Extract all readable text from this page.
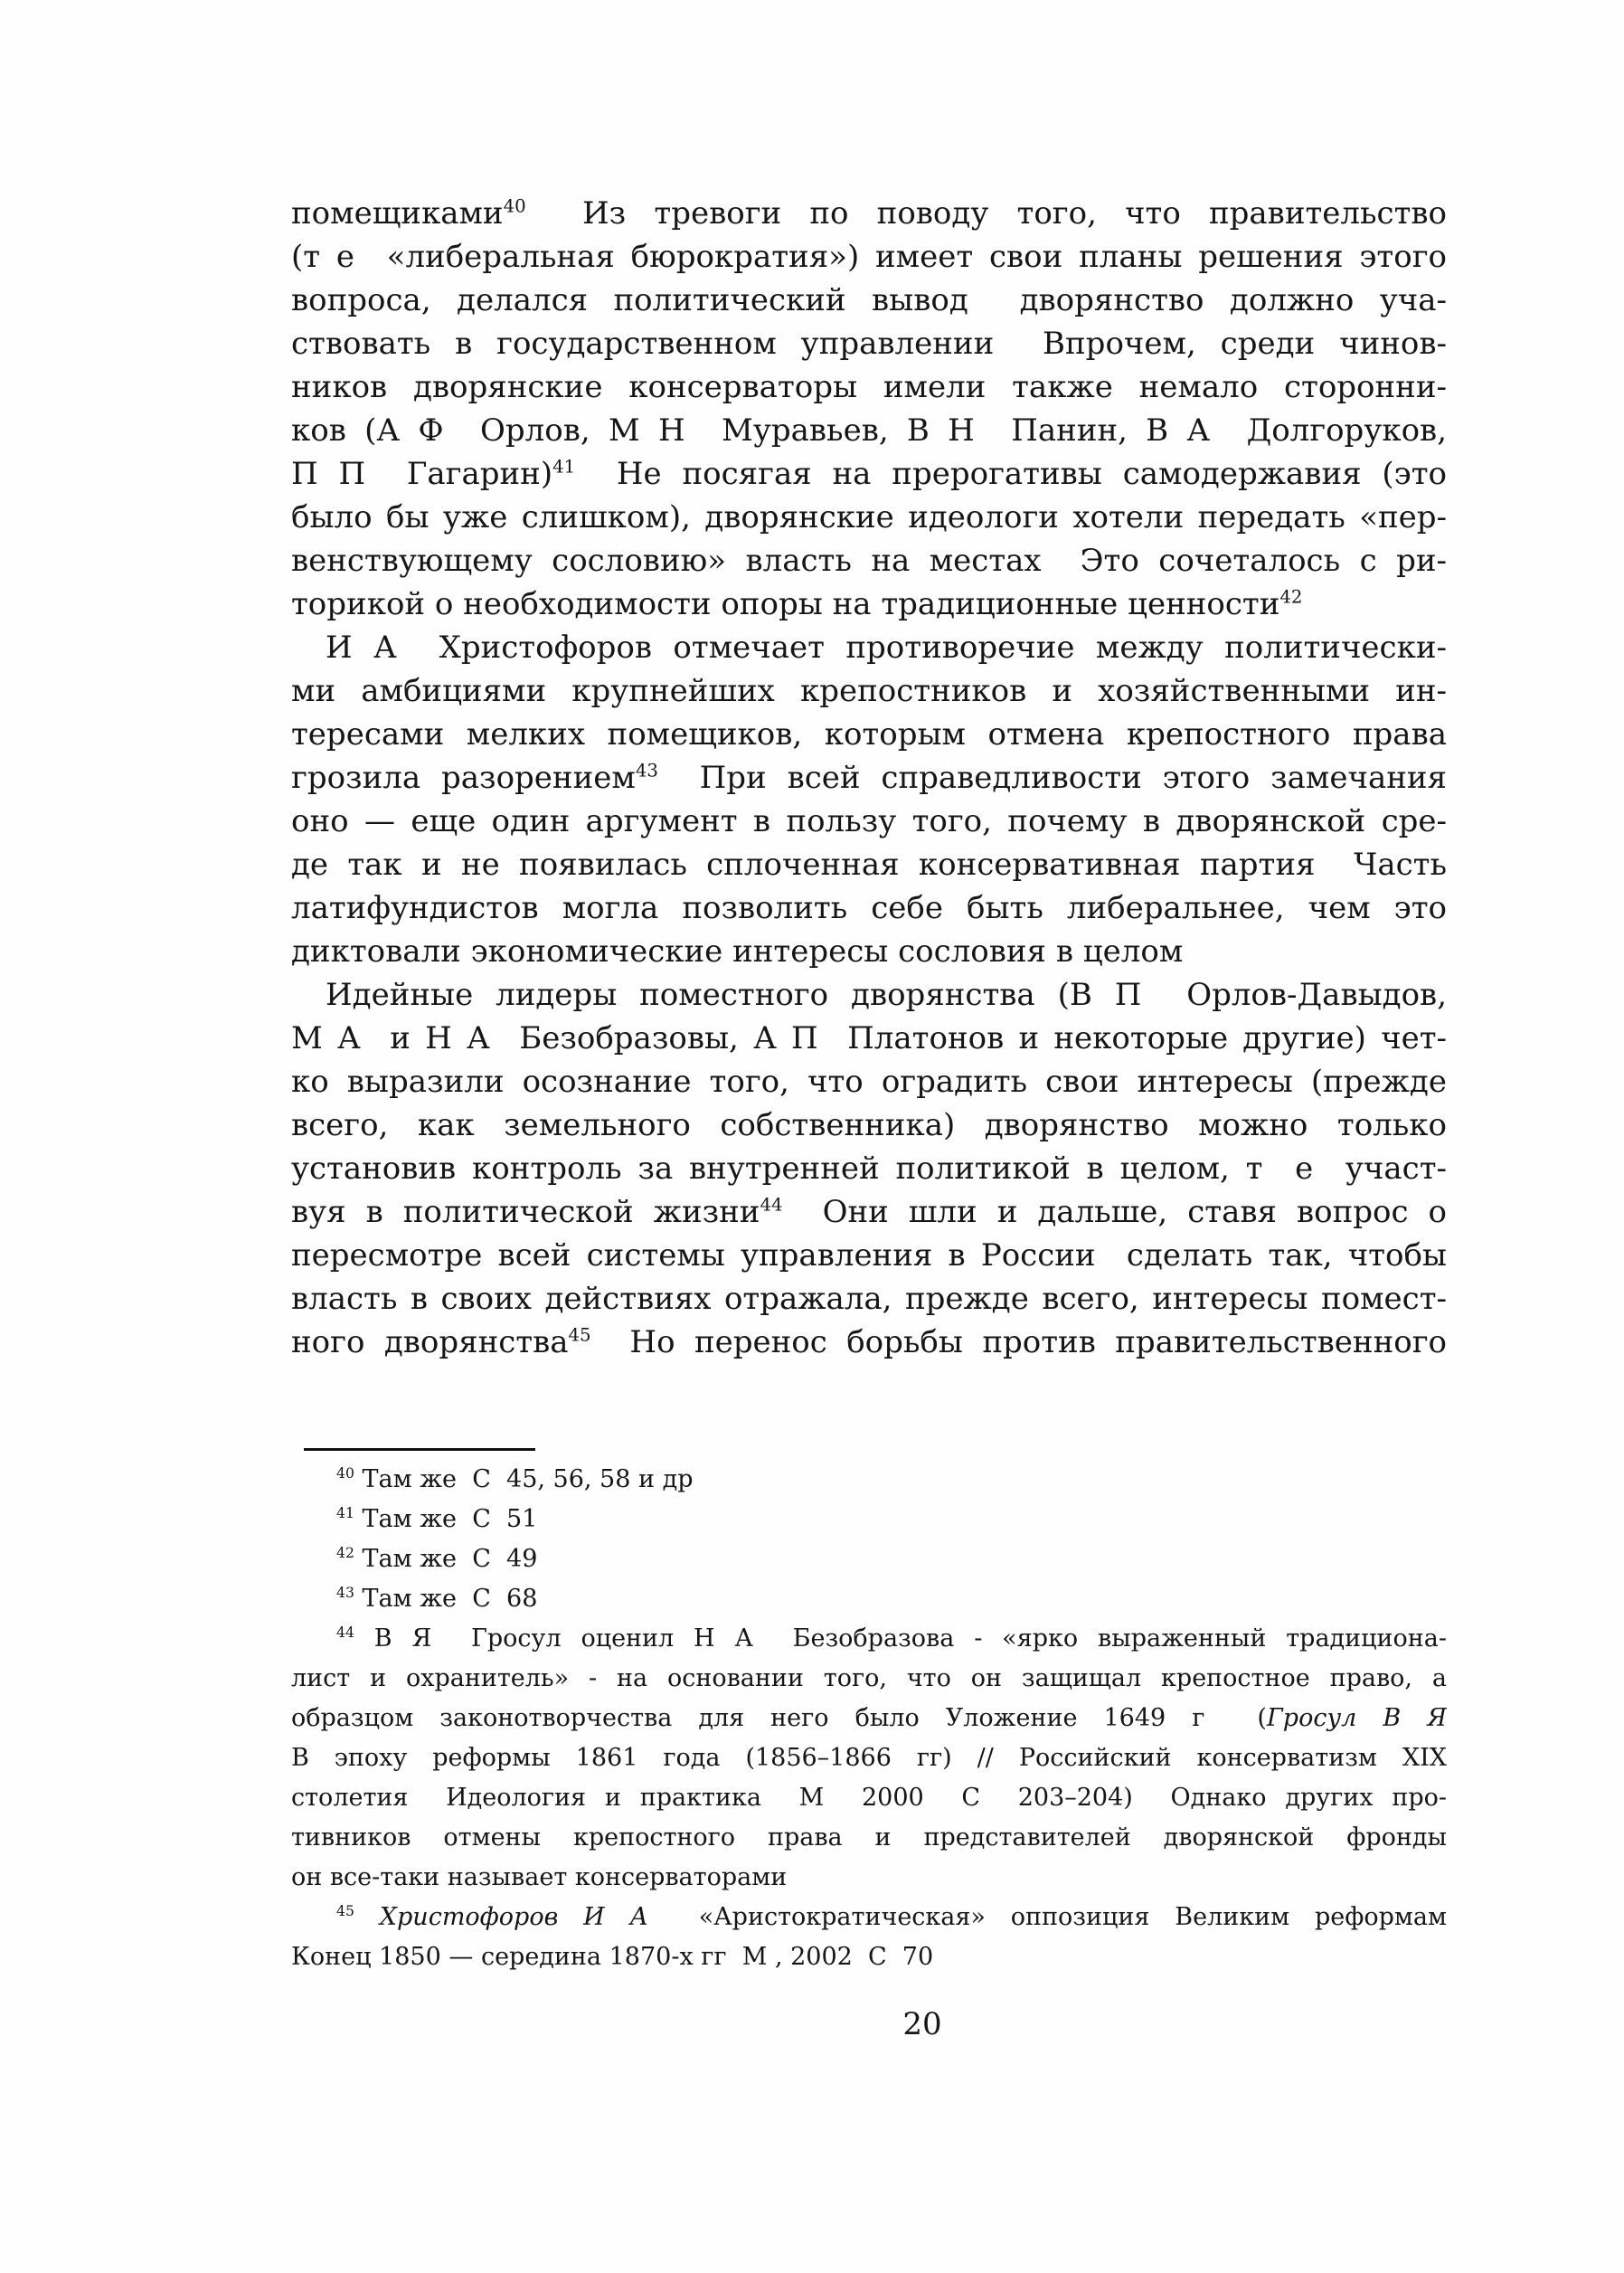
помещиками$^{40}$  Из тревоги по поводу того, что правительство
(т е  «либеральная бюрократия») имеет свои планы решения этого
вопроса, делался политический вывод  дворянство должно уча-
ствовать в государственном управлении  Впрочем, среди чинов-
ников дворянские консерваторы имели также немало сторонни-
ков (А Ф  Орлов, М Н  Муравьев, В Н  Панин, В А  Долгоруков,
П П  Гагарин)$^{41}$  Не посягая на прерогативы самодержавия (это
было бы уже слишком), дворянские идеологи хотели передать «пер-
венствующему сословию» власть на местах  Это сочеталось с ри-
торикой о необходимости опоры на традиционные ценности$^{42}$
И А  Христофоров отмечает противоречие между политически-
ми амбициями крупнейших крепостников и хозяйственными ин-
тересами мелких помещиков, которым отмена крепостного права
грозила разорением$^{43}$  При всей справедливости этого замечания
оно — еще один аргумент в пользу того, почему в дворянской сре-
де так и не появилась сплоченная консервативная партия  Часть
латифундистов могла позволить себе быть либеральнее, чем это
диктовали экономические интересы сословия в целом
Идейные лидеры поместного дворянства (В П  Орлов-Давыдов,
М А  и Н А  Безобразовы, А П  Платонов и некоторые другие) чет-
ко выразили осознание того, что оградить свои интересы (прежде
всего, как земельного собственника) дворянство можно только
установив контроль за внутренней политикой в целом, т  е  участ-
вуя в политической жизни$^{44}$  Они шли и дальше, ставя вопрос о
пересмотре всей системы управления в России  сделать так, чтобы
власть в своих действиях отражала, прежде всего, интересы помест-
ного дворянства$^{45}$  Но перенос борьбы против правительственного
$^{40}$ Там же  С  45, 56, 58 и др
$^{41}$ Там же  С  51
$^{42}$ Там же  С  49
$^{43}$ Там же  С  68
$^{44}$ В Я  Гросул оценил Н А  Безобразова - «ярко выраженный традициона-
лист и охранитель» - на основании того, что он защищал крепостное право, а
образцом законотворчества для него было Уложение 1649 г  (Гросул В Я
В эпоху реформы 1861 года (1856–1866 гг) // Российский консерватизм XIX
столетия  Идеология и практика  М  2000  С  203–204)  Однако других про-
тивников отмены крепостного права и представителей дворянской фронды
он все-таки называет консерваторами
$^{45}$ Христофоров И А  «Аристократическая» оппозиция Великим реформам
Конец 1850 — середина 1870-х гг  М , 2002  С  70
20
